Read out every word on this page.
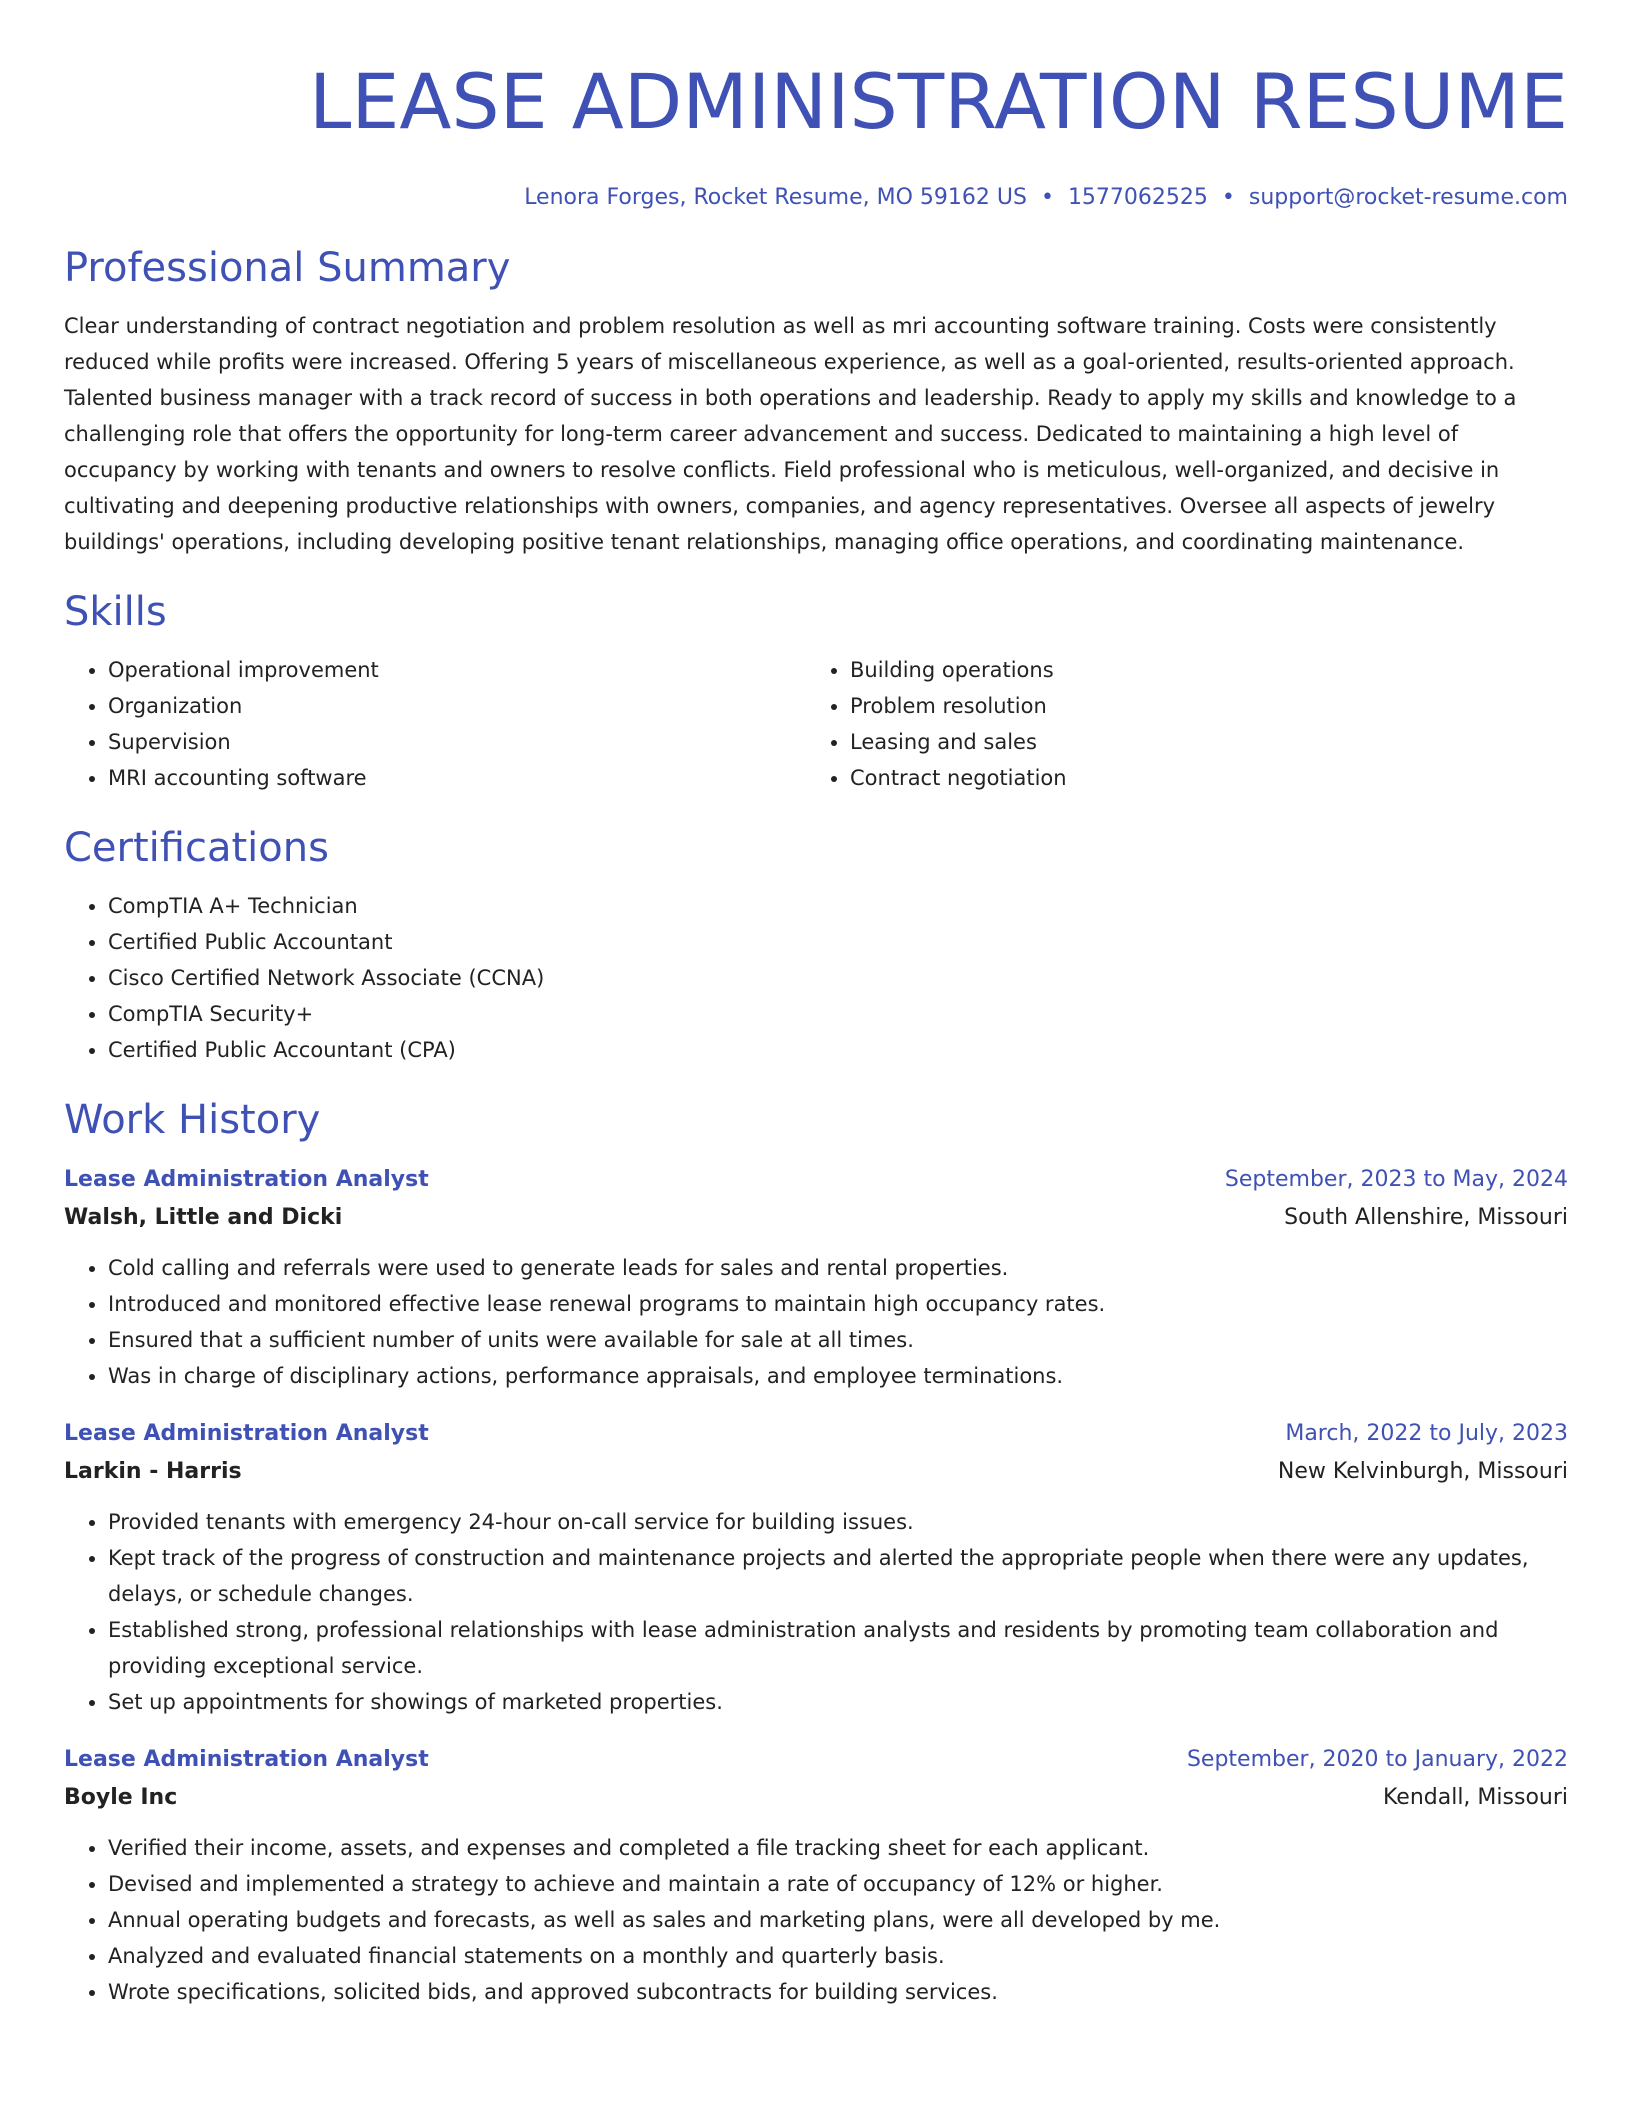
LEASE ADMINISTRATION RESUME
Lenora Forges, Rocket Resume, MO 59162 US • 1577062525 • support@rocket-resume.com
Professional Summary

Clear understanding of contract negotiation and problem resolution as well as mri accounting software training. Costs were consistently reduced while profits were increased. Offering 5 years of miscellaneous experience, as well as a goal-oriented, results-oriented approach. Talented business manager with a track record of success in both operations and leadership. Ready to apply my skills and knowledge to a challenging role that offers the opportunity for long-term career advancement and success. Dedicated to maintaining a high level of occupancy by working with tenants and owners to resolve conflicts. Field professional who is meticulous, well-organized, and decisive in cultivating and deepening productive relationships with owners, companies, and agency representatives. Oversee all aspects of jewelry buildings' operations, including developing positive tenant relationships, managing office operations, and coordinating maintenance.

Skills
• Operational improvement
• Organization
• Supervision
• MRI accounting software
• Building operations
• Problem resolution
• Leasing and sales
• Contract negotiation
Certifications
• CompTIA A+ Technician
• Certified Public Accountant
• Cisco Certified Network Associate (CCNA)
• CompTIA Security+
• Certified Public Accountant (CPA)
Work History
Lease Administration Analyst	September, 2023 to May, 2024
Walsh, Little and Dicki	South Allenshire, Missouri
• Cold calling and referrals were used to generate leads for sales and rental properties.
• Introduced and monitored effective lease renewal programs to maintain high occupancy rates.
• Ensured that a sufficient number of units were available for sale at all times.
• Was in charge of disciplinary actions, performance appraisals, and employee terminations.
Lease Administration Analyst	March, 2022 to July, 2023
Larkin - Harris	New Kelvinburgh, Missouri
• Provided tenants with emergency 24-hour on-call service for building issues.
• Kept track of the progress of construction and maintenance projects and alerted the appropriate people when there were any updates, delays, or schedule changes.
• Established strong, professional relationships with lease administration analysts and residents by promoting team collaboration and providing exceptional service.
• Set up appointments for showings of marketed properties.
Lease Administration Analyst	September, 2020 to January, 2022
Boyle Inc	Kendall, Missouri
• Verified their income, assets, and expenses and completed a file tracking sheet for each applicant.
• Devised and implemented a strategy to achieve and maintain a rate of occupancy of 12% or higher.
• Annual operating budgets and forecasts, as well as sales and marketing plans, were all developed by me.
• Analyzed and evaluated financial statements on a monthly and quarterly basis.
• Wrote specifications, solicited bids, and approved subcontracts for building services.
